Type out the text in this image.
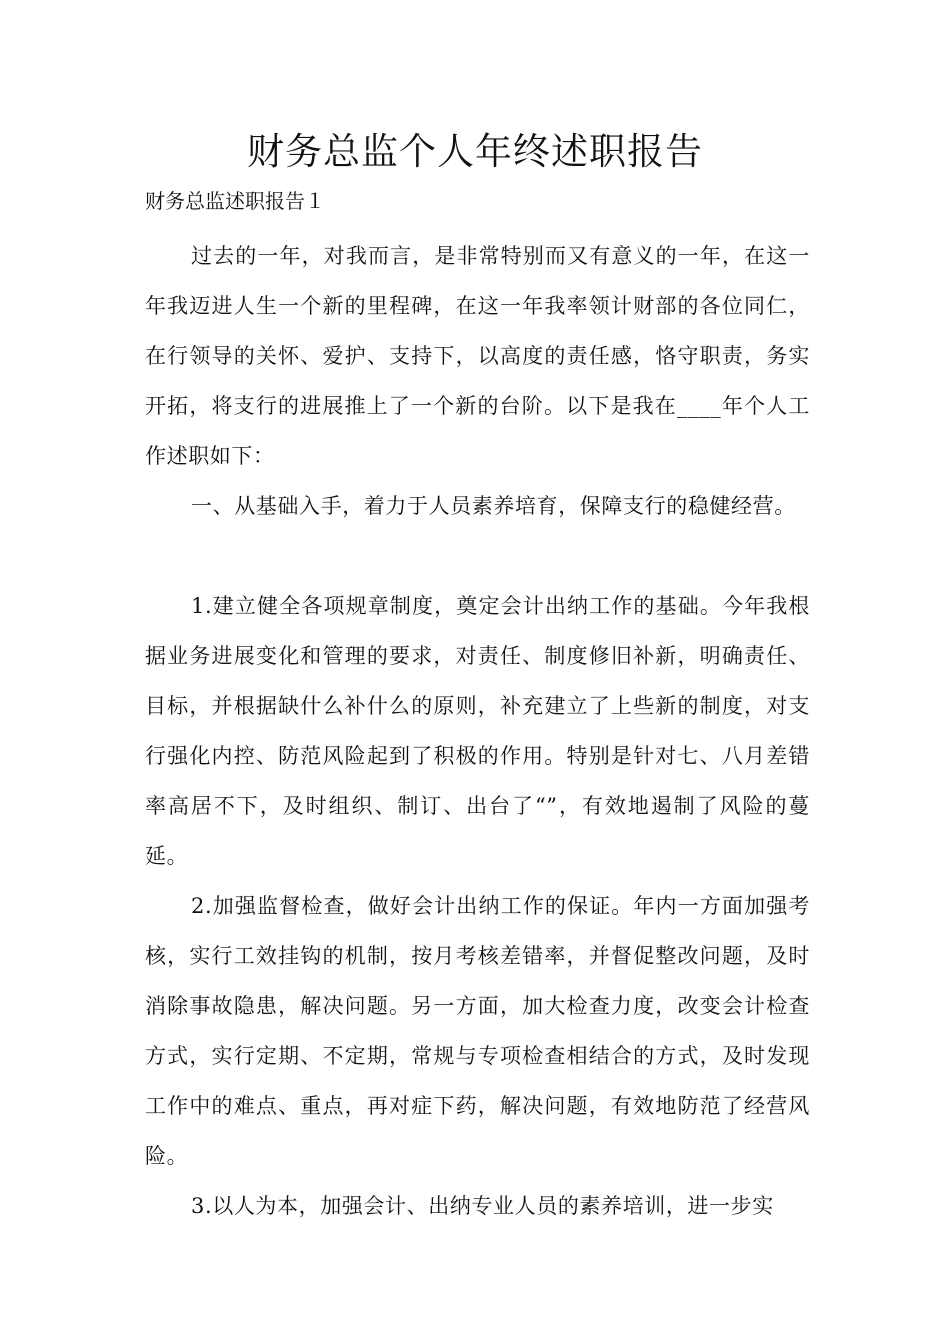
财务总监个人年终述职报告

财务总监述职报告１

过去的一年，对我而言，是非常特别而又有意义的一年，在这一年我迈进人生一个新的里程碑，在这一年我率领计财部的各位同仁，在行领导的关怀、爱护、支持下，以高度的责任感，恪守职责，务实开拓，将支行的进展推上了一个新的台阶。以下是我在____年个人工作述职如下：

一、从基础入手，着力于人员素养培育，保障支行的稳健经营。

1.建立健全各项规章制度，奠定会计出纳工作的基础。今年我根据业务进展变化和管理的要求，对责任、制度修旧补新，明确责任、目标，并根据缺什么补什么的原则，补充建立了上些新的制度，对支行强化内控、防范风险起到了积极的作用。特别是针对七、八月差错率高居不下，及时组织、制订、出台了“”，有效地遏制了风险的蔓延。

2.加强监督检查，做好会计出纳工作的保证。年内一方面加强考核，实行工效挂钩的机制，按月考核差错率，并督促整改问题，及时消除事故隐患，解决问题。另一方面，加大检查力度，改变会计检查方式，实行定期、不定期，常规与专项检查相结合的方式，及时发现工作中的难点、重点，再对症下药，解决问题，有效地防范了经营风险。

3.以人为本，加强会计、出纳专业人员的素养培训，进一步实
